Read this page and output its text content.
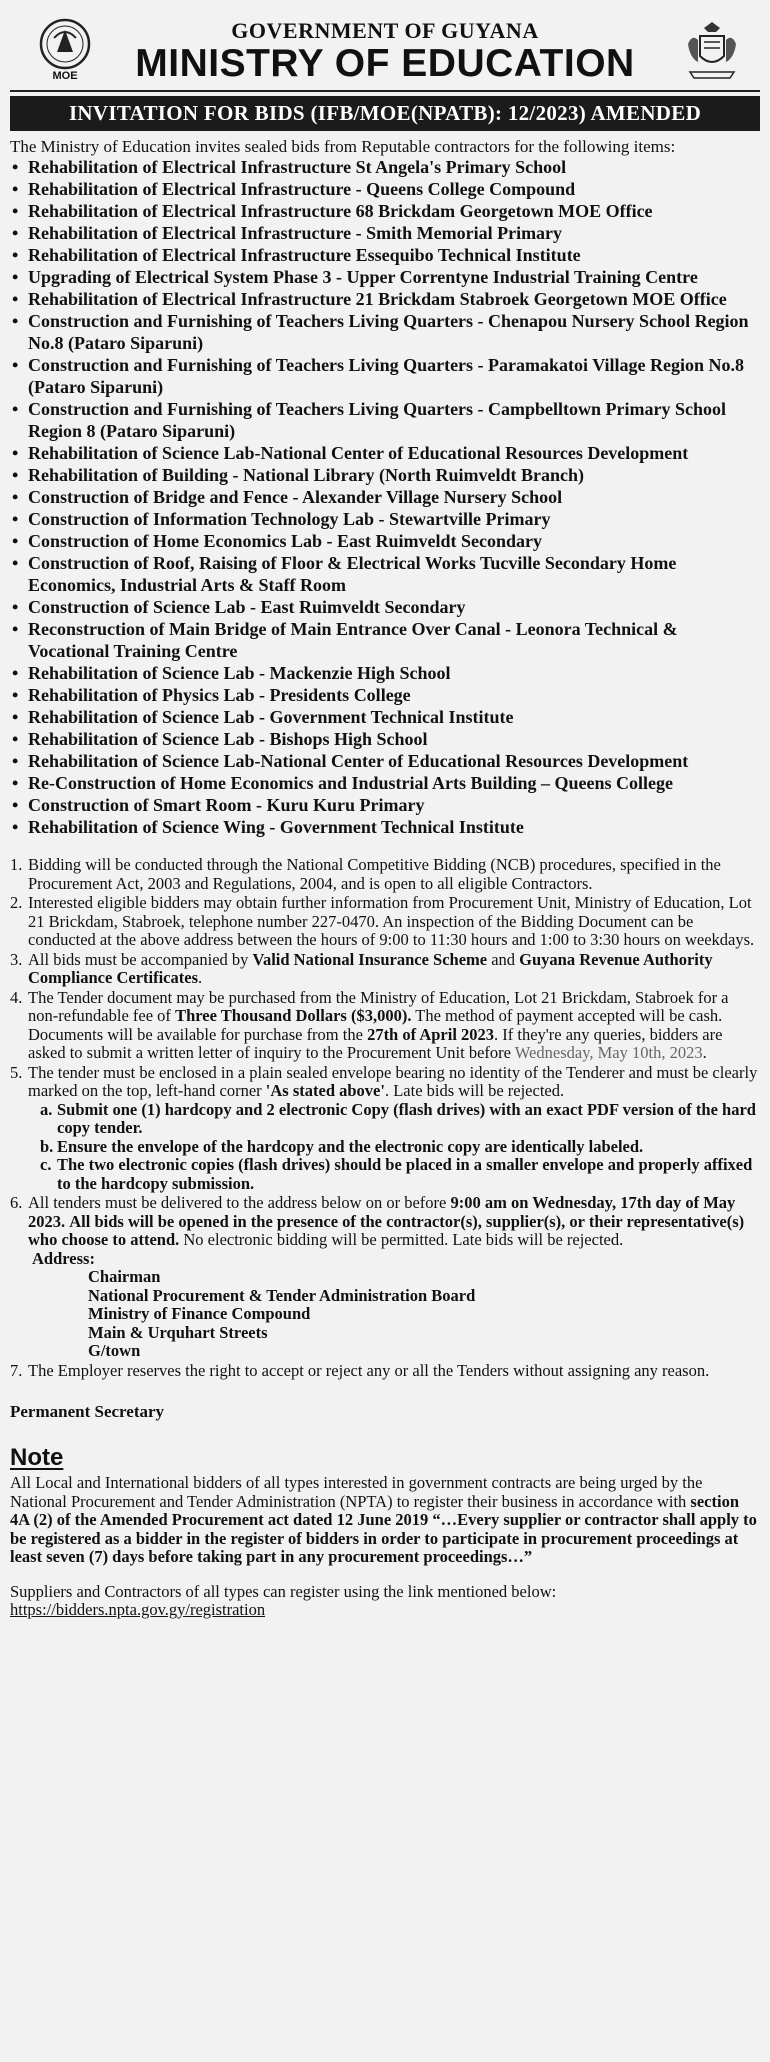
MOE
GOVERNMENT OF GUYANA
MINISTRY OF EDUCATION
INVITATION FOR BIDS (IFB/MOE(NPATB): 12/2023) AMENDED

The Ministry of Education invites sealed bids from Reputable contractors for the following items:

• Rehabilitation of Electrical Infrastructure St Angela's Primary School
• Rehabilitation of Electrical Infrastructure - Queens College Compound
• Rehabilitation of Electrical Infrastructure 68 Brickdam Georgetown MOE Office
• Rehabilitation of Electrical Infrastructure - Smith Memorial Primary
• Rehabilitation of Electrical Infrastructure Essequibo Technical Institute
• Upgrading of Electrical System Phase 3 - Upper Correntyne Industrial Training Centre
• Rehabilitation of Electrical Infrastructure 21 Brickdam Stabroek Georgetown MOE Office
• Construction and Furnishing of Teachers Living Quarters - Chenapou Nursery School Region No.8 (Pataro Siparuni)
• Construction and Furnishing of Teachers Living Quarters - Paramakatoi Village Region No.8 (Pataro Siparuni)
• Construction and Furnishing of Teachers Living Quarters - Campbelltown Primary School Region 8 (Pataro Siparuni)
• Rehabilitation of Science Lab-National Center of Educational Resources Development
• Rehabilitation of Building - National Library (North Ruimveldt Branch)
• Construction of Bridge and Fence - Alexander Village Nursery School
• Construction of Information Technology Lab - Stewartville Primary
• Construction of Home Economics Lab - East Ruimveldt Secondary
• Construction of Roof, Raising of Floor & Electrical Works Tucville Secondary Home Economics, Industrial Arts & Staff Room
• Construction of Science Lab - East Ruimveldt Secondary
• Reconstruction of Main Bridge of Main Entrance Over Canal - Leonora Technical & Vocational Training Centre
• Rehabilitation of Science Lab - Mackenzie High School
• Rehabilitation of Physics Lab - Presidents College
• Rehabilitation of Science Lab - Government Technical Institute
• Rehabilitation of Science Lab - Bishops High School
• Rehabilitation of Science Lab-National Center of Educational Resources Development
• Re-Construction of Home Economics and Industrial Arts Building – Queens College
• Construction of Smart Room - Kuru Kuru Primary
• Rehabilitation of Science Wing - Government Technical Institute
1. Bidding will be conducted through the National Competitive Bidding (NCB) procedures, specified in the Procurement Act, 2003 and Regulations, 2004, and is open to all eligible Contractors.
2. Interested eligible bidders may obtain further information from Procurement Unit, Ministry of Education, Lot 21 Brickdam, Stabroek, telephone number 227-0470. An inspection of the Bidding Document can be conducted at the above address between the hours of 9:00 to 11:30 hours and 1:00 to 3:30 hours on weekdays.
3. All bids must be accompanied by Valid National Insurance Scheme and Guyana Revenue Authority Compliance Certificates.
4. The Tender document may be purchased from the Ministry of Education, Lot 21 Brickdam, Stabroek for a non-refundable fee of Three Thousand Dollars ($3,000). The method of payment accepted will be cash. Documents will be available for purchase from the 27th of April 2023. If they're any queries, bidders are asked to submit a written letter of inquiry to the Procurement Unit before Wednesday, May 10th, 2023.
5. The tender must be enclosed in a plain sealed envelope bearing no identity of the Tenderer and must be clearly marked on the top, left-hand corner 'As stated above'. Late bids will be rejected.
a. Submit one (1) hardcopy and 2 electronic Copy (flash drives) with an exact PDF version of the hard copy tender.
b. Ensure the envelope of the hardcopy and the electronic copy are identically labeled.
c. The two electronic copies (flash drives) should be placed in a smaller envelope and properly affixed to the hardcopy submission.
6. All tenders must be delivered to the address below on or before 9:00 am on Wednesday, 17th day of May 2023. All bids will be opened in the presence of the contractor(s), supplier(s), or their representative(s) who choose to attend. No electronic bidding will be permitted. Late bids will be rejected.
Address:
Chairman
National Procurement & Tender Administration Board
Ministry of Finance Compound
Main & Urquhart Streets
G/town
7. The Employer reserves the right to accept or reject any or all the Tenders without assigning any reason.
Permanent Secretary
Note

All Local and International bidders of all types interested in government contracts are being urged by the National Procurement and Tender Administration (NPTA) to register their business in accordance with section 4A (2) of the Amended Procurement act dated 12 June 2019 “…Every supplier or contractor shall apply to be registered as a bidder in the register of bidders in order to participate in procurement proceedings at least seven (7) days before taking part in any procurement proceedings…”

Suppliers and Contractors of all types can register using the link mentioned below:
https://bidders.npta.gov.gy/registration
